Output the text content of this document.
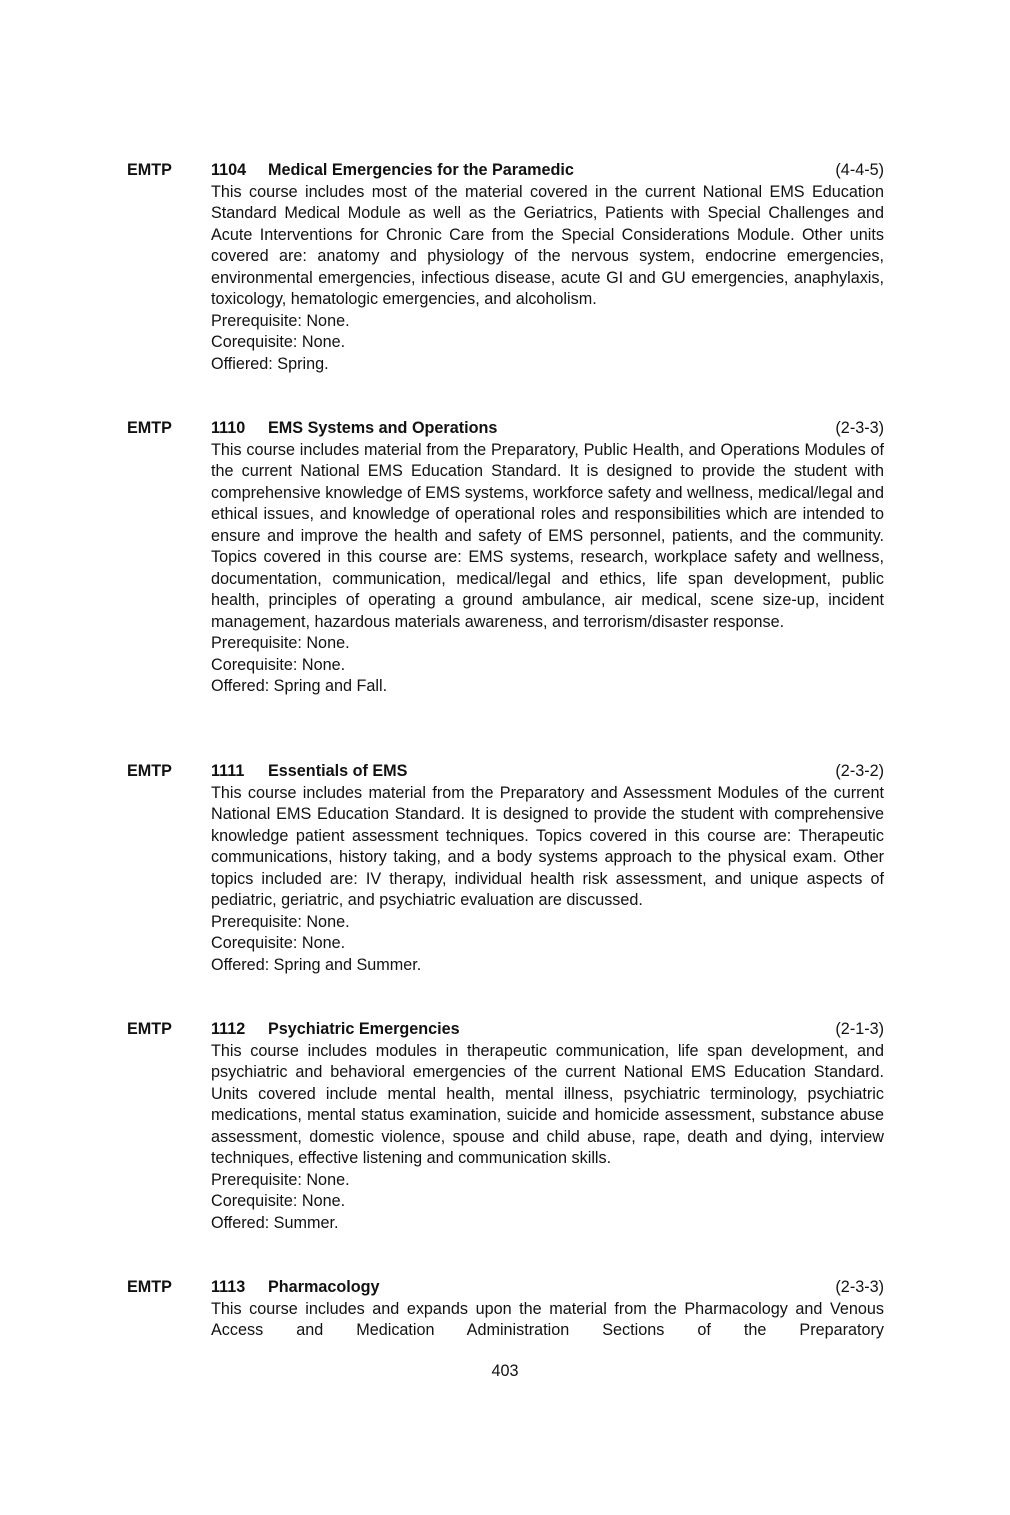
EMTP 1104 Medical Emergencies for the Paramedic	(4-4-5)

This course includes most of the material covered in the current National EMS Education Standard Medical Module as well as the Geriatrics, Patients with Special Challenges and Acute Interventions for Chronic Care from the Special Considerations Module. Other units covered are: anatomy and physiology of the nervous system, endocrine emergencies, environmental emergencies, infectious disease, acute GI and GU emergencies, anaphylaxis, toxicology, hematologic emergencies, and alcoholism.

Prerequisite: None.

Corequisite: None.

Offiered: Spring.

EMTP 1110 EMS Systems and Operations	(2-3-3)

This course includes material from the Preparatory, Public Health, and Operations Modules of the current National EMS Education Standard. It is designed to provide the student with comprehensive knowledge of EMS systems, workforce safety and wellness, medical/legal and ethical issues, and knowledge of operational roles and responsibilities which are intended to ensure and improve the health and safety of EMS personnel, patients, and the community. Topics covered in this course are: EMS systems, research, workplace safety and wellness, documentation, communication, medical/legal and ethics, life span development, public health, principles of operating a ground ambulance, air medical, scene size-up, incident management, hazardous materials awareness, and terrorism/disaster response.

Prerequisite: None.

Corequisite: None.

Offered: Spring and Fall.

EMTP 1111 Essentials of EMS	(2-3-2)

This course includes material from the Preparatory and Assessment Modules of the current National EMS Education Standard. It is designed to provide the student with comprehensive knowledge patient assessment techniques. Topics covered in this course are: Therapeutic communications, history taking, and a body systems approach to the physical exam. Other topics included are: IV therapy, individual health risk assessment, and unique aspects of pediatric, geriatric, and psychiatric evaluation are discussed.

Prerequisite: None.

Corequisite: None.

Offered: Spring and Summer.

EMTP 1112 Psychiatric Emergencies	(2-1-3)

This course includes modules in therapeutic communication, life span development, and psychiatric and behavioral emergencies of the current National EMS Education Standard. Units covered include mental health, mental illness, psychiatric terminology, psychiatric medications, mental status examination, suicide and homicide assessment, substance abuse assessment, domestic violence, spouse and child abuse, rape, death and dying, interview techniques, effective listening and communication skills.

Prerequisite: None.

Corequisite: None.

Offered: Summer.

EMTP 1113 Pharmacology	(2-3-3)

This course includes and expands upon the material from the Pharmacology and Venous Access and Medication Administration Sections of the Preparatory

403
